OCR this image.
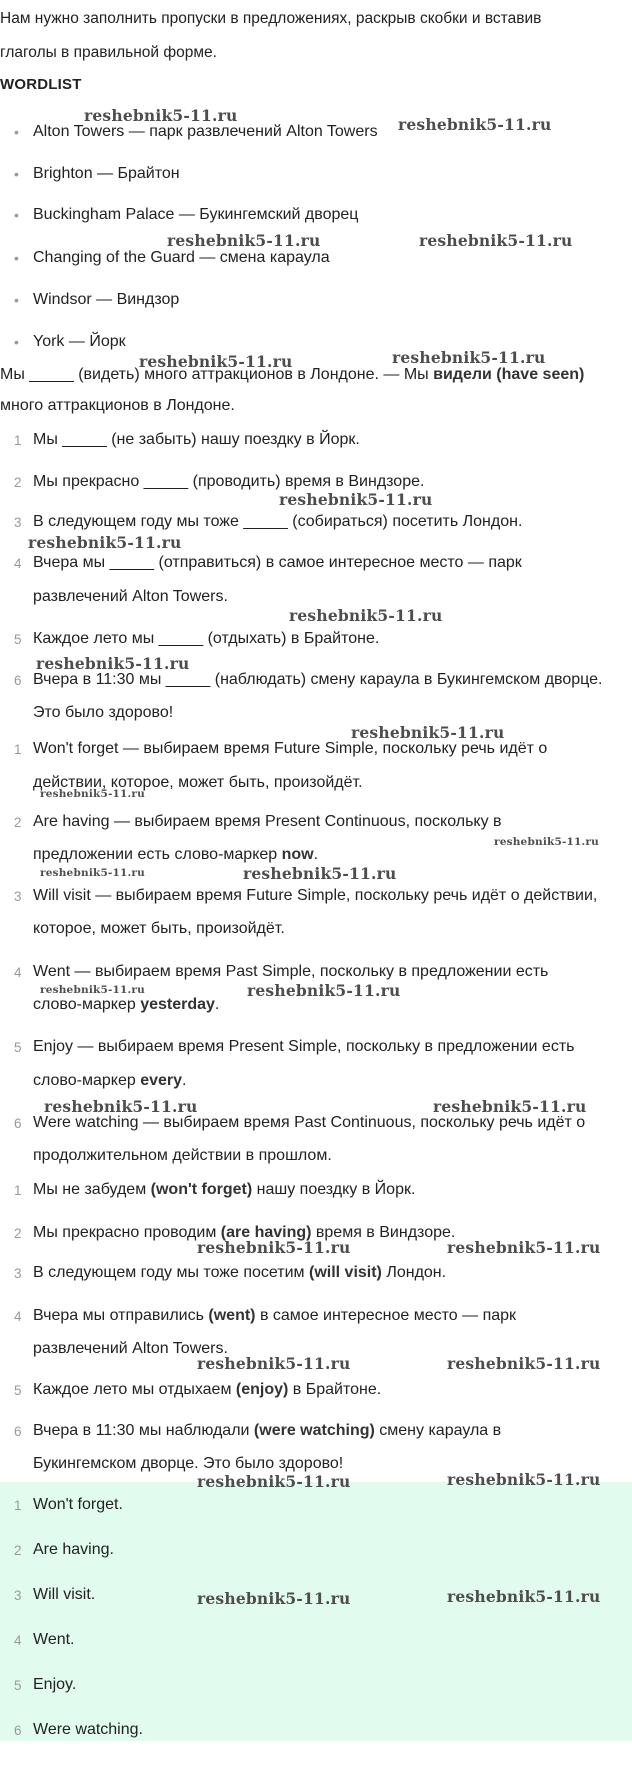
Нам нужно заполнить пропуски в предложениях, раскрыв скобки и вставив
глаголы в правильной форме.
WORDLIST
• Alton Towers — парк развлечений Alton Towers
• Brighton — Брайтон
• Buckingham Palace — Букингемский дворец
• Changing of the Guard — смена караула
• Windsor — Виндзор
• York — Йорк
Мы _____ (видеть) много аттракционов в Лондоне. — Мы видели (have seen)
много аттракционов в Лондоне.
1 Мы _____ (не забыть) нашу поездку в Йорк.
2 Мы прекрасно _____ (проводить) время в Виндзоре.
3 В следующем году мы тоже _____ (собираться) посетить Лондон.
4 Вчера мы _____ (отправиться) в самое интересное место — парк
развлечений Alton Towers.
5 Каждое лето мы _____ (отдыхать) в Брайтоне.
6 Вчера в 11:30 мы _____ (наблюдать) смену караула в Букингемском дворце.
Это было здорово!
1 Won't forget — выбираем время Future Simple, поскольку речь идёт о
действии, которое, может быть, произойдёт.
2 Are having — выбираем время Present Continuous, поскольку в
предложении есть слово-маркер now.
3 Will visit — выбираем время Future Simple, поскольку речь идёт о действии,
которое, может быть, произойдёт.
4 Went — выбираем время Past Simple, поскольку в предложении есть
слово-маркер yesterday.
5 Enjoy — выбираем время Present Simple, поскольку в предложении есть
слово-маркер every.
6 Were watching — выбираем время Past Continuous, поскольку речь идёт о
продолжительном действии в прошлом.
1 Мы не забудем (won't forget) нашу поездку в Йорк.
2 Мы прекрасно проводим (are having) время в Виндзоре.
3 В следующем году мы тоже посетим (will visit) Лондон.
4 Вчера мы отправились (went) в самое интересное место — парк
развлечений Alton Towers.
5 Каждое лето мы отдыхаем (enjoy) в Брайтоне.
6 Вчера в 11:30 мы наблюдали (were watching) смену караула в
Букингемском дворце. Это было здорово!
1 Won't forget.
2 Are having.
3 Will visit.
4 Went.
5 Enjoy.
6 Were watching.
reshebnik5-11.ru	reshebnik5-11.ru
reshebnik5-11.ru	reshebnik5-11.ru
reshebnik5-11.ru	reshebnik5-11.ru
reshebnik5-11.ru
reshebnik5-11.ru
reshebnik5-11.ru
reshebnik5-11.ru
reshebnik5-11.ru
reshebnik5-11.ru
reshebnik5-11.ru
reshebnik5-11.ru	reshebnik5-11.ru
reshebnik5-11.ru	reshebnik5-11.ru
reshebnik5-11.ru	reshebnik5-11.ru
reshebnik5-11.ru	reshebnik5-11.ru
reshebnik5-11.ru	reshebnik5-11.ru
reshebnik5-11.ru	reshebnik5-11.ru
reshebnik5-11.ru	reshebnik5-11.ru
